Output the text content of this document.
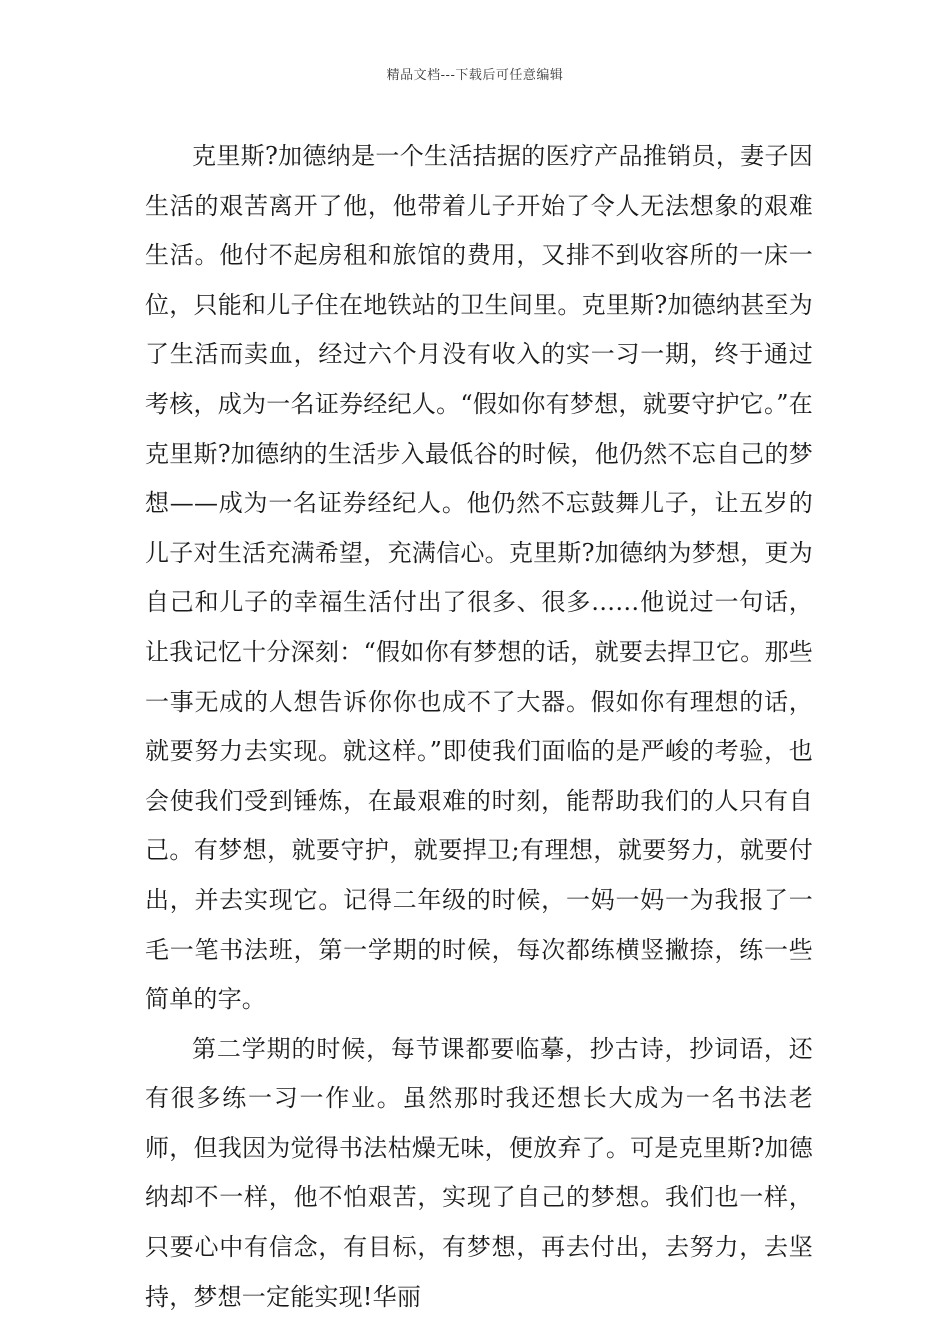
精品文档---下载后可任意编辑

克里斯?加德纳是一个生活拮据的医疗产品推销员，妻子因生活的艰苦离开了他，他带着儿子开始了令人无法想象的艰难生活。他付不起房租和旅馆的费用，又排不到收容所的一床一位，只能和儿子住在地铁站的卫生间里。克里斯?加德纳甚至为了生活而卖血，经过六个月没有收入的实一习一期，终于通过考核，成为一名证券经纪人。“假如你有梦想，就要守护它。”在克里斯?加德纳的生活步入最低谷的时候，他仍然不忘自己的梦想——成为一名证券经纪人。他仍然不忘鼓舞儿子，让五岁的儿子对生活充满希望，充满信心。克里斯?加德纳为梦想，更为自己和儿子的幸福生活付出了很多、很多……他说过一句话，让我记忆十分深刻：“假如你有梦想的话，就要去捍卫它。那些一事无成的人想告诉你你也成不了大器。假如你有理想的话，就要努力去实现。就这样。”即使我们面临的是严峻的考验，也会使我们受到锤炼，在最艰难的时刻，能帮助我们的人只有自己。有梦想，就要守护，就要捍卫;有理想，就要努力，就要付出，并去实现它。记得二年级的时候，一妈一妈一为我报了一毛一笔书法班，第一学期的时候，每次都练横竖撇捺，练一些简单的字。

第二学期的时候，每节课都要临摹，抄古诗，抄词语，还 有很多练一习一作业。虽然那时我还想长大成为一名书法老师，但我因为觉得书法枯燥无味，便放弃了。可是克里斯?加德纳却不一样，他不怕艰苦，实现了自己的梦想。我们也一样，只要心中有信念，有目标，有梦想，再去付出，去努力，去坚持，梦想一定能实现!华丽
